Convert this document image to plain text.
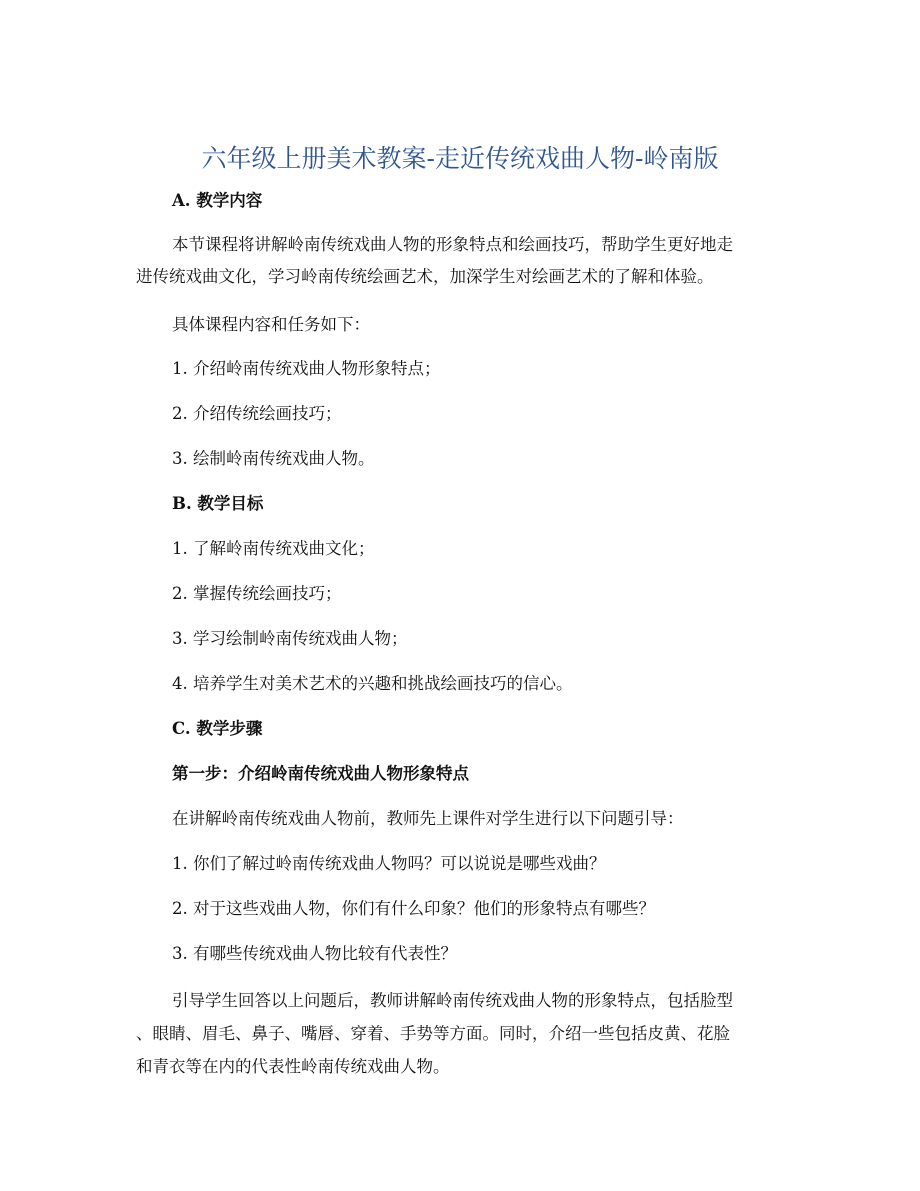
六年级上册美术教案-走近传统戏曲人物-岭南版

A. 教学内容

本节课程将讲解岭南传统戏曲人物的形象特点和绘画技巧，帮助学生更好地走

进传统戏曲文化，学习岭南传统绘画艺术，加深学生对绘画艺术的了解和体验。

具体课程内容和任务如下：

1. 介绍岭南传统戏曲人物形象特点；

2. 介绍传统绘画技巧；

3. 绘制岭南传统戏曲人物。

B. 教学目标

1. 了解岭南传统戏曲文化；

2. 掌握传统绘画技巧；

3. 学习绘制岭南传统戏曲人物；

4. 培养学生对美术艺术的兴趣和挑战绘画技巧的信心。

C. 教学步骤

第一步：介绍岭南传统戏曲人物形象特点

在讲解岭南传统戏曲人物前，教师先上课件对学生进行以下问题引导：

1. 你们了解过岭南传统戏曲人物吗？可以说说是哪些戏曲？

2. 对于这些戏曲人物，你们有什么印象？他们的形象特点有哪些？

3. 有哪些传统戏曲人物比较有代表性？

引导学生回答以上问题后，教师讲解岭南传统戏曲人物的形象特点，包括脸型

、眼睛、眉毛、鼻子、嘴唇、穿着、手势等方面。同时，介绍一些包括皮黄、花脸

和青衣等在内的代表性岭南传统戏曲人物。
